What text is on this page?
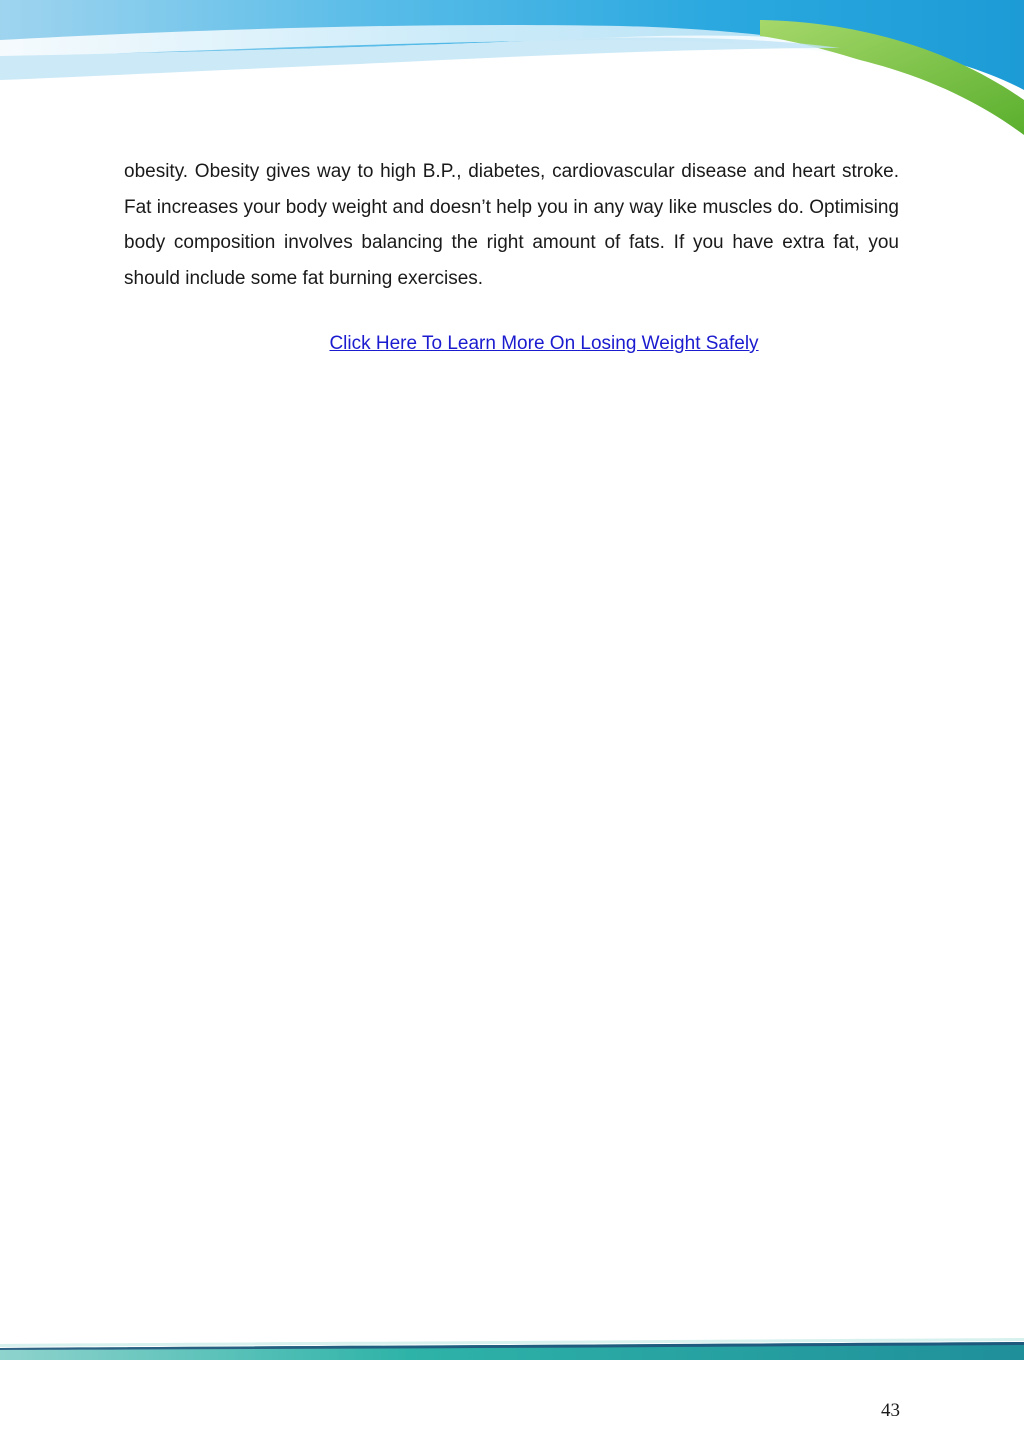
obesity. Obesity gives way to high B.P., diabetes, cardiovascular disease and heart stroke. Fat increases your body weight and doesn’t help you in any way like muscles do. Optimising body composition involves balancing the right amount of fats. If you have extra fat, you should include some fat burning exercises.

Click Here To Learn More On Losing Weight Safely
43
